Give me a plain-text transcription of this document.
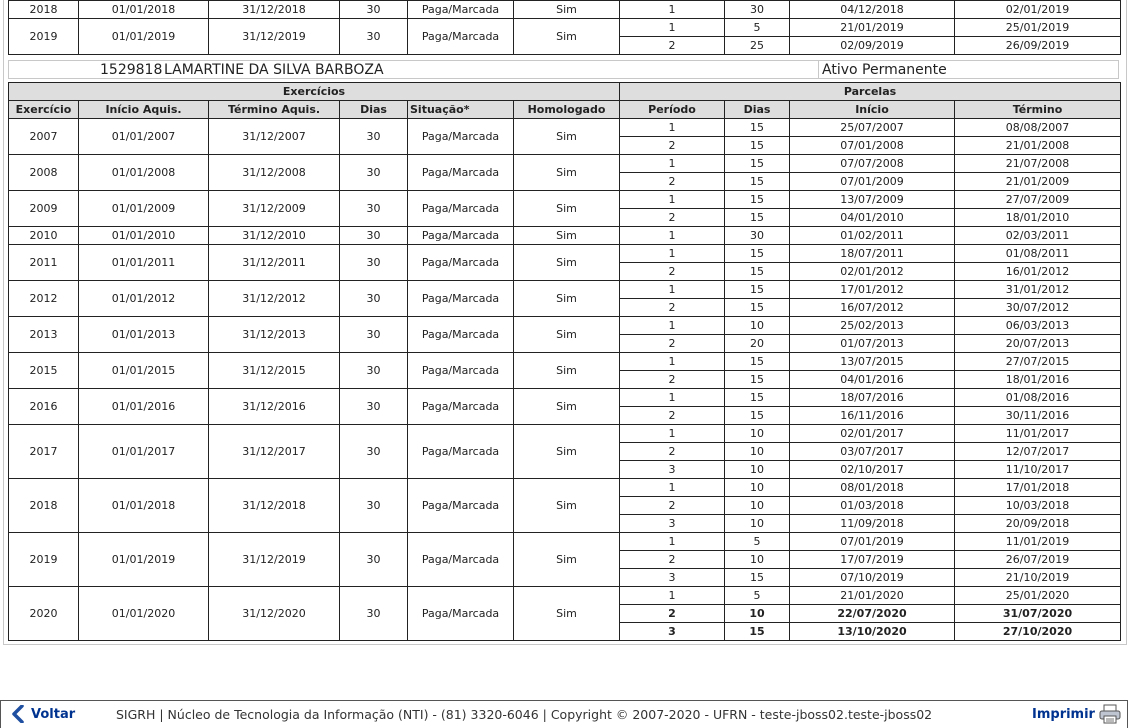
2018	01/01/2018	31/12/2018	30	Paga/Marcada	Sim	1	30	04/12/2018	02/01/2019
2019	01/01/2019	31/12/2019	30	Paga/Marcada	Sim	1	5	21/01/2019	25/01/2019
						2	25	02/09/2019	26/09/2019
1529818 LAMARTINE DA SILVA BARBOZA	Ativo Permanente
Exercícios						Parcelas			
Exercício	Início Aquis.	Término Aquis.	Dias	Situação*	Homologado	Período	Dias	Início	Término
2007	01/01/2007	31/12/2007	30	Paga/Marcada	Sim	1	15	25/07/2007	08/08/2007
						2	15	07/01/2008	21/01/2008
2008	01/01/2008	31/12/2008	30	Paga/Marcada	Sim	1	15	07/07/2008	21/07/2008
						2	15	07/01/2009	21/01/2009
2009	01/01/2009	31/12/2009	30	Paga/Marcada	Sim	1	15	13/07/2009	27/07/2009
						2	15	04/01/2010	18/01/2010
2010	01/01/2010	31/12/2010	30	Paga/Marcada	Sim	1	30	01/02/2011	02/03/2011
2011	01/01/2011	31/12/2011	30	Paga/Marcada	Sim	1	15	18/07/2011	01/08/2011
						2	15	02/01/2012	16/01/2012
2012	01/01/2012	31/12/2012	30	Paga/Marcada	Sim	1	15	17/01/2012	31/01/2012
						2	15	16/07/2012	30/07/2012
2013	01/01/2013	31/12/2013	30	Paga/Marcada	Sim	1	10	25/02/2013	06/03/2013
						2	20	01/07/2013	20/07/2013
2015	01/01/2015	31/12/2015	30	Paga/Marcada	Sim	1	15	13/07/2015	27/07/2015
						2	15	04/01/2016	18/01/2016
2016	01/01/2016	31/12/2016	30	Paga/Marcada	Sim	1	15	18/07/2016	01/08/2016
						2	15	16/11/2016	30/11/2016
2017	01/01/2017	31/12/2017	30	Paga/Marcada	Sim	1	10	02/01/2017	11/01/2017
						2	10	03/07/2017	12/07/2017
						3	10	02/10/2017	11/10/2017
2018	01/01/2018	31/12/2018	30	Paga/Marcada	Sim	1	10	08/01/2018	17/01/2018
						2	10	01/03/2018	10/03/2018
						3	10	11/09/2018	20/09/2018
2019	01/01/2019	31/12/2019	30	Paga/Marcada	Sim	1	5	07/01/2019	11/01/2019
						2	10	17/07/2019	26/07/2019
						3	15	07/10/2019	21/10/2019
2020	01/01/2020	31/12/2020	30	Paga/Marcada	Sim	1	5	21/01/2020	25/01/2020
						2	10	22/07/2020	31/07/2020
						3	15	13/10/2020	27/10/2020
Voltar	SIGRH | Núcleo de Tecnologia da Informação (NTI) - (81) 3320-6046 | Copyright © 2007-2020 - UFRN - teste-jboss02.teste-jboss02	Imprimir
